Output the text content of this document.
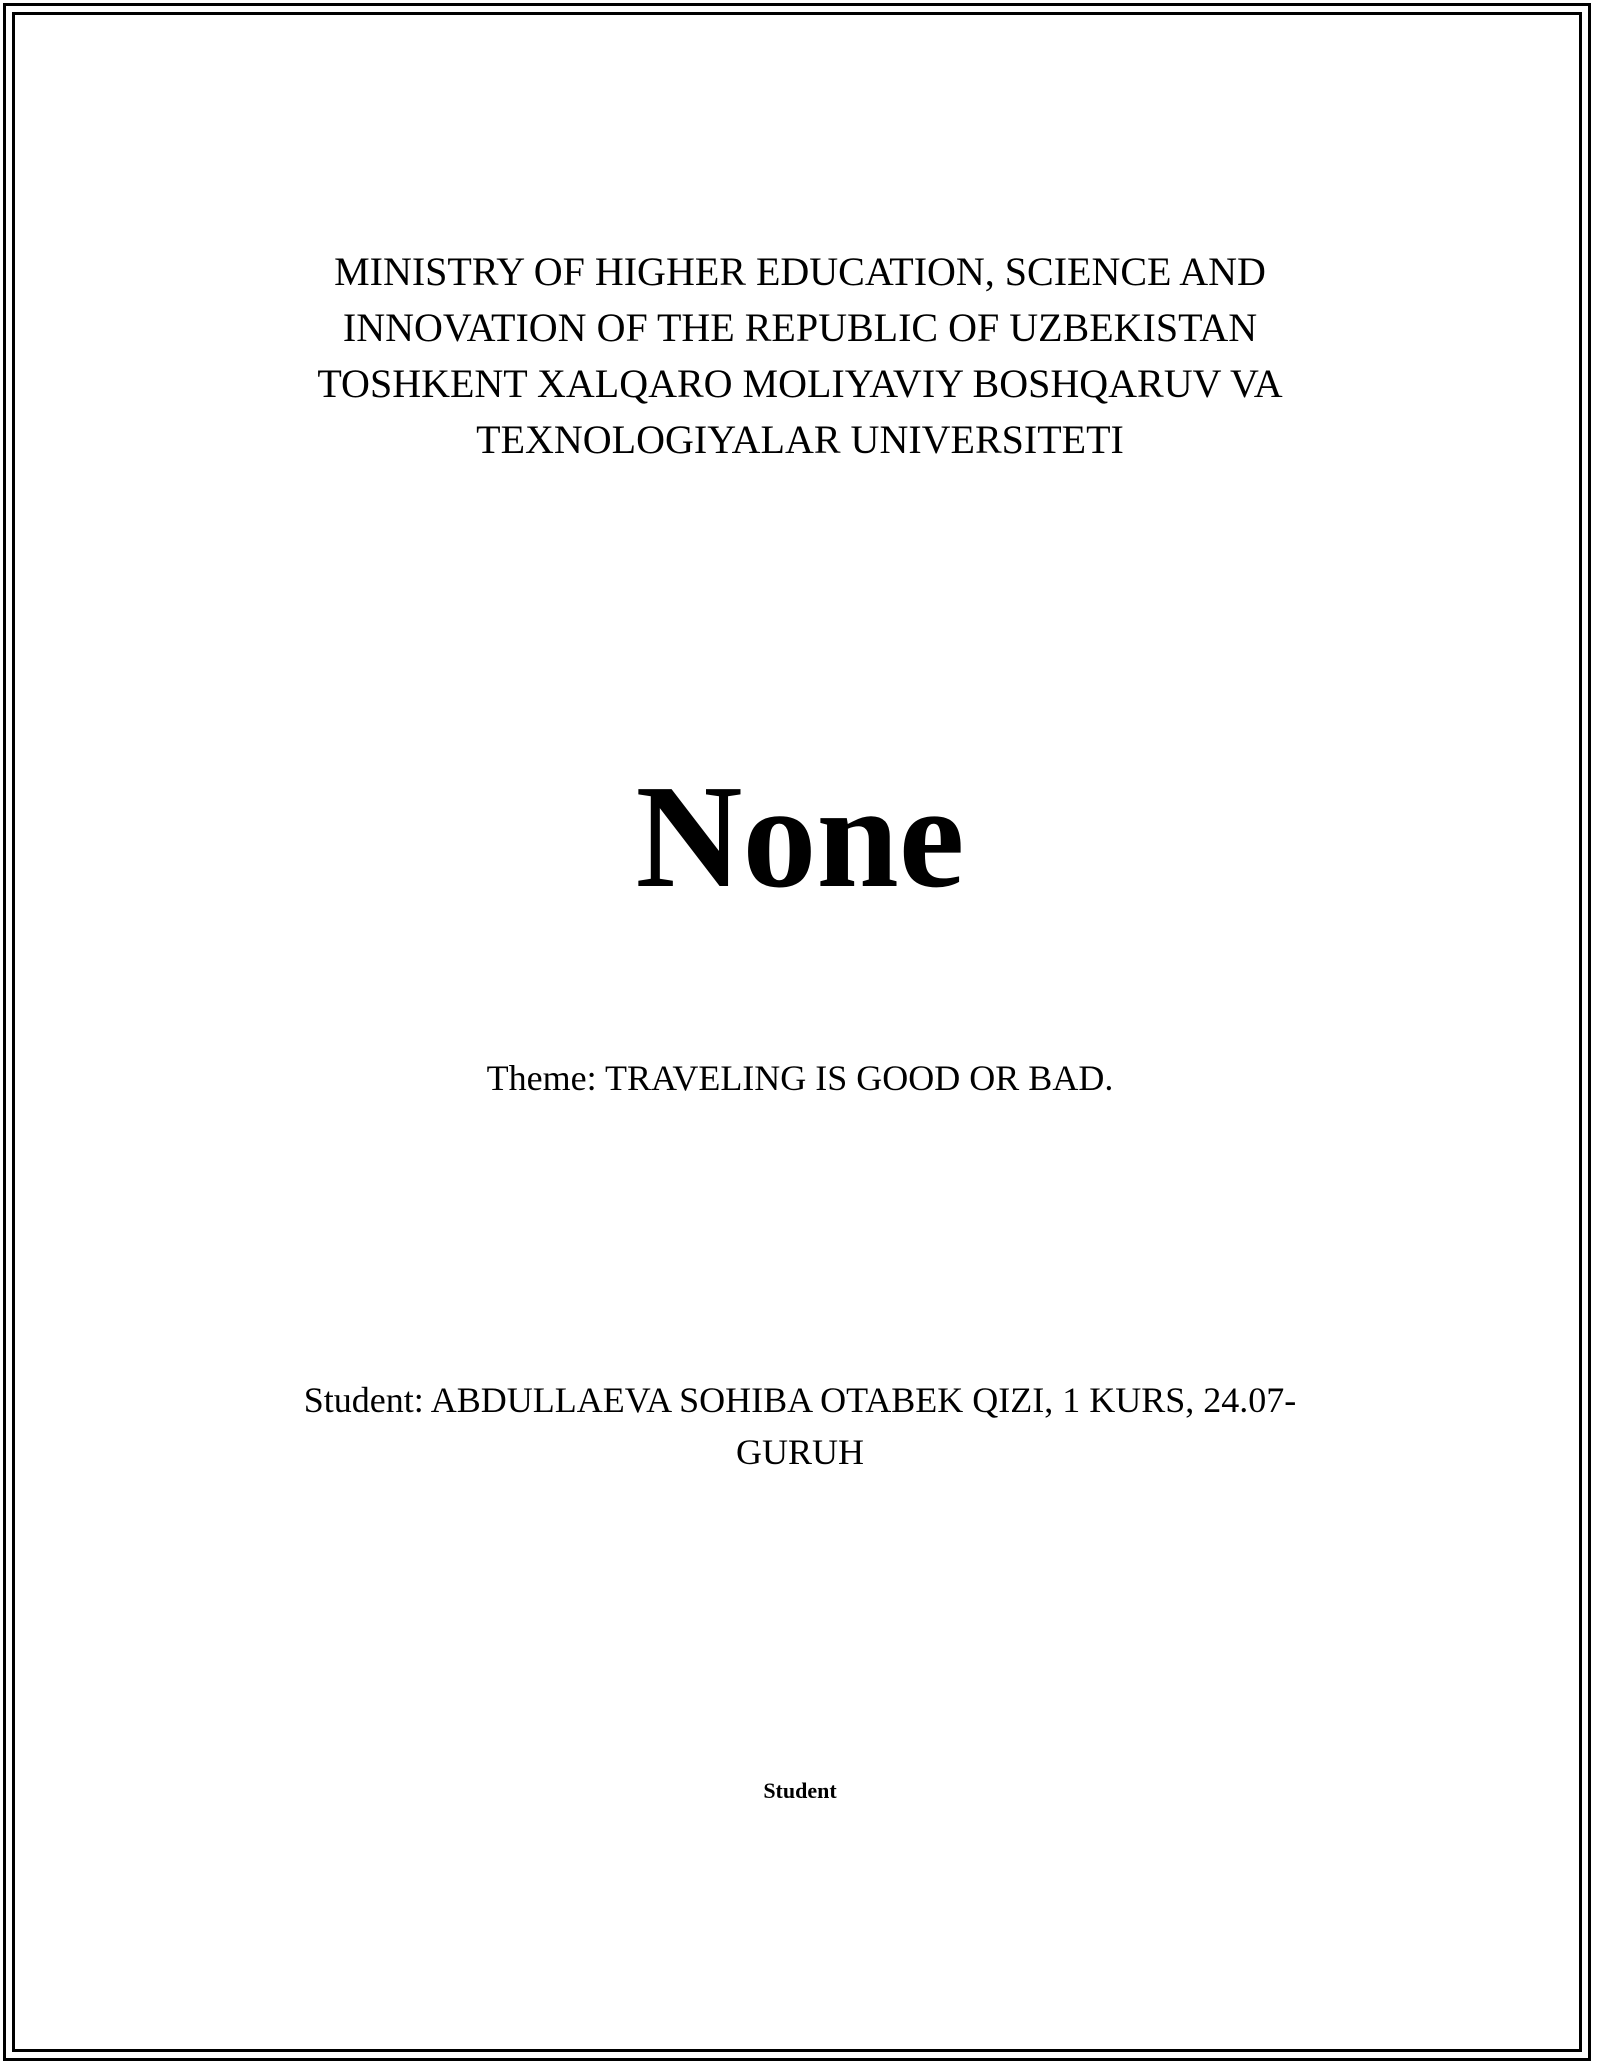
MINISTRY OF HIGHER EDUCATION, SCIENCE AND
INNOVATION OF THE REPUBLIC OF UZBEKISTAN
TOSHKENT XALQARO MOLIYAVIY BOSHQARUV VA
TEXNOLOGIYALAR UNIVERSITETI
None
Theme: TRAVELING IS GOOD OR BAD.
Student: ABDULLAEVA SOHIBA OTABEK QIZI, 1 KURS, 24.07-
GURUH
Student
